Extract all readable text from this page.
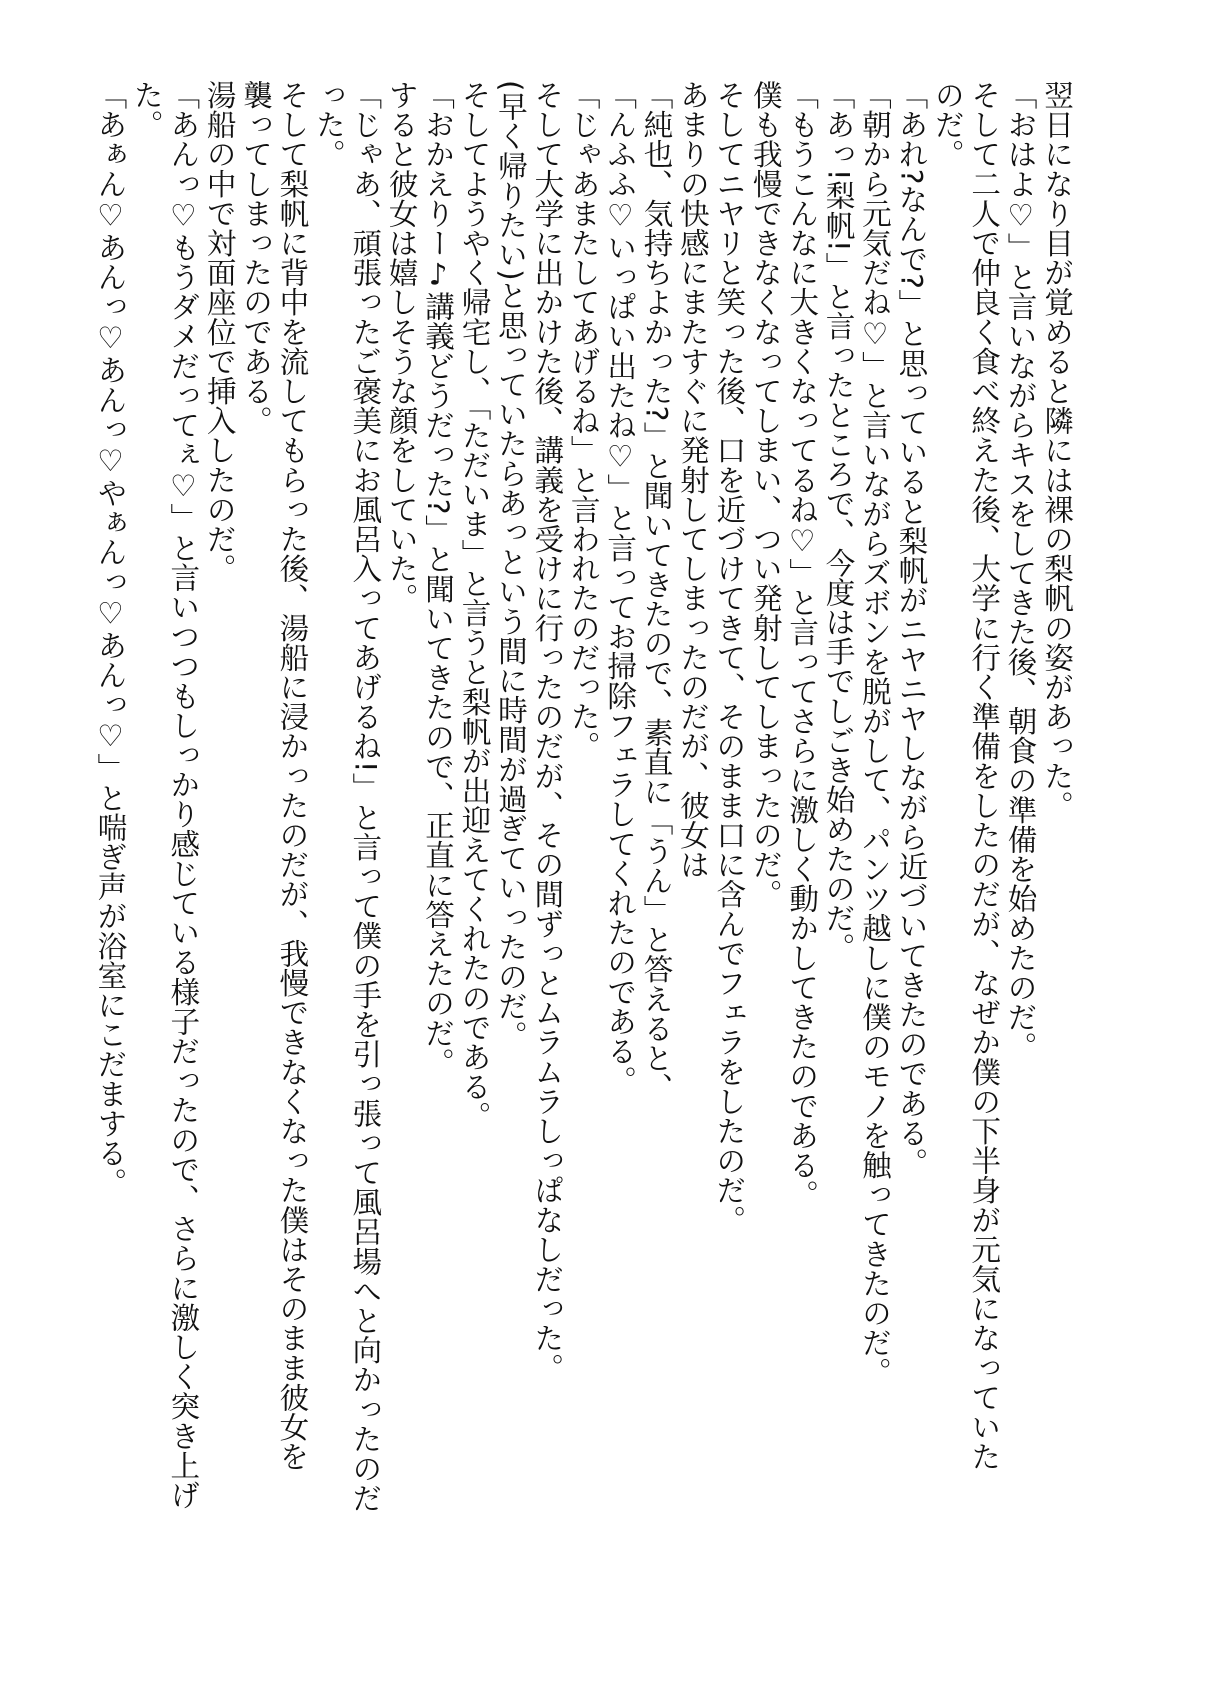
翌日になり目が覚めると隣には裸の梨帆の姿があった。
「おはよ♡」と言いながらキスをしてきた後、朝食の準備を始めたのだ。
そして二人で仲良く食べ終えた後、大学に行く準備をしたのだが、なぜか僕の下半身が元気になっていた
のだ。
「あれ?なんで?」と思っていると梨帆がニヤニヤしながら近づいてきたのである。
「朝から元気だね♡」と言いながらズボンを脱がして、パンツ越しに僕のモノを触ってきたのだ。
「あっ!梨帆!」と言ったところで、今度は手でしごき始めたのだ。
「もうこんなに大きくなってるね♡」と言ってさらに激しく動かしてきたのである。
僕も我慢できなくなってしまい、つい発射してしまったのだ。
そしてニヤリと笑った後、口を近づけてきて、そのまま口に含んでフェラをしたのだ。
あまりの快感にまたすぐに発射してしまったのだが、彼女は
「純也、気持ちよかった?」と聞いてきたので、素直に「うん」と答えると、
「んふふ♡いっぱい出たね♡」と言ってお掃除フェラしてくれたのである。
「じゃあまたしてあげるね」と言われたのだった。
そして大学に出かけた後、講義を受けに行ったのだが、その間ずっとムラムラしっぱなしだった。
(早く帰りたい)と思っていたらあっという間に時間が過ぎていったのだ。
そしてようやく帰宅し、「ただいま」と言うと梨帆が出迎えてくれたのである。
「おかえりー♪講義どうだった?」と聞いてきたので、正直に答えたのだ。
すると彼女は嬉しそうな顔をしていた。
「じゃあ、頑張ったご褒美にお風呂入ってあげるね!」と言って僕の手を引っ張って風呂場へと向かったのだ
った。
そして梨帆に背中を流してもらった後、湯船に浸かったのだが、我慢できなくなった僕はそのまま彼女を
襲ってしまったのである。
湯船の中で対面座位で挿入したのだ。
「あんっ♡もうダメだってぇ♡」と言いつつもしっかり感じている様子だったので、さらに激しく突き上げ
た。
「あぁん♡あんっ♡あんっ♡やぁんっ♡あんっ♡」と喘ぎ声が浴室にこだまする。
